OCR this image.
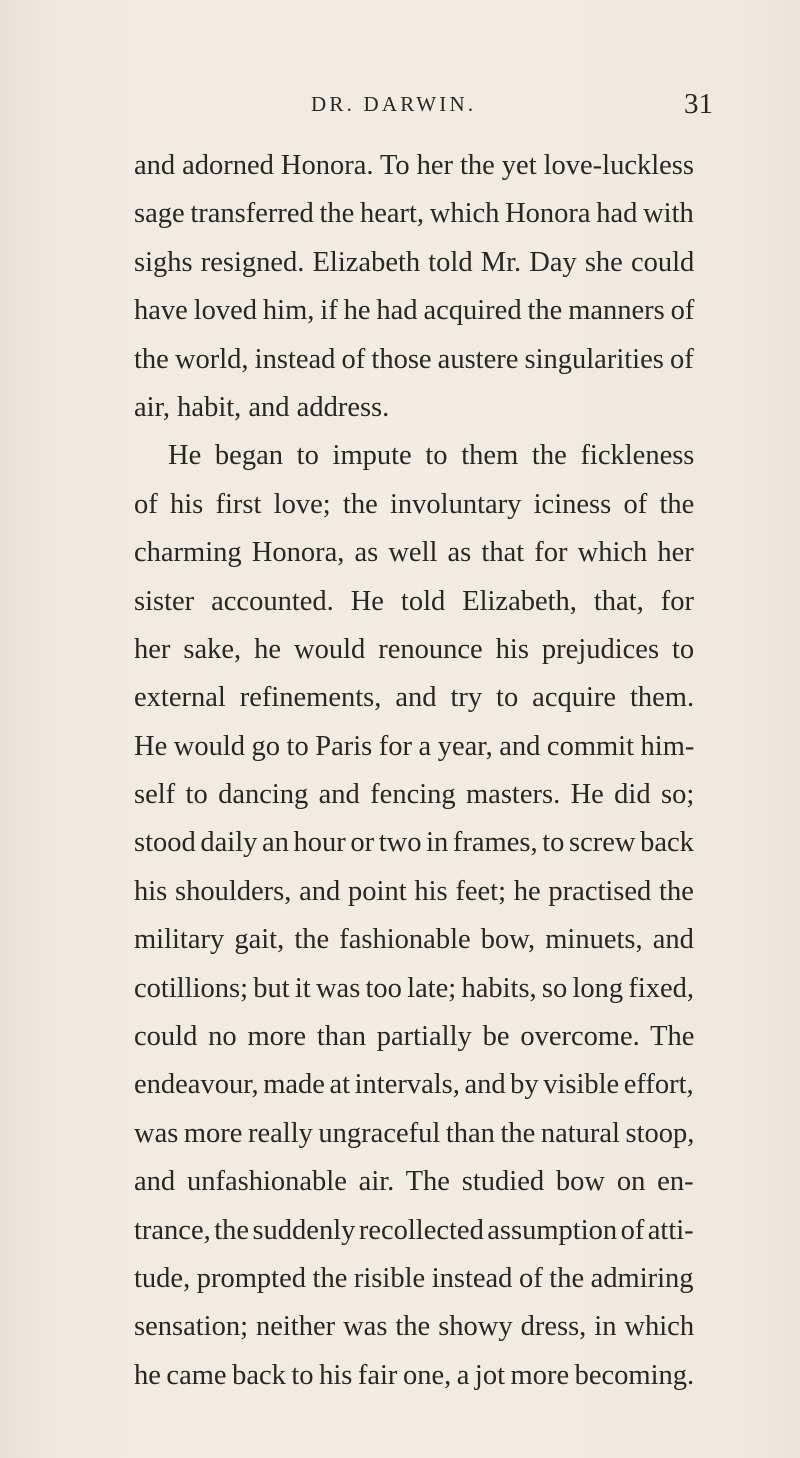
DR. DARWIN.	31
and adorned Honora. To her the yet love-luckless
sage transferred the heart, which Honora had with
sighs resigned. Elizabeth told Mr. Day she could
have loved him, if he had acquired the manners of
the world, instead of those austere singularities of
air, habit, and address.
He began to impute to them the fickleness
of his first love; the involuntary iciness of the
charming Honora, as well as that for which her
sister accounted. He told Elizabeth, that, for
her sake, he would renounce his prejudices to
external refinements, and try to acquire them.
He would go to Paris for a year, and commit him-
self to dancing and fencing masters. He did so;
stood daily an hour or two in frames, to screw back
his shoulders, and point his feet; he practised the
military gait, the fashionable bow, minuets, and
cotillions; but it was too late; habits, so long fixed,
could no more than partially be overcome. The
endeavour, made at intervals, and by visible effort,
was more really ungraceful than the natural stoop,
and unfashionable air. The studied bow on en-
trance, the suddenly recollected assumption of atti-
tude, prompted the risible instead of the admiring
sensation; neither was the showy dress, in which
he came back to his fair one, a jot more becoming.
